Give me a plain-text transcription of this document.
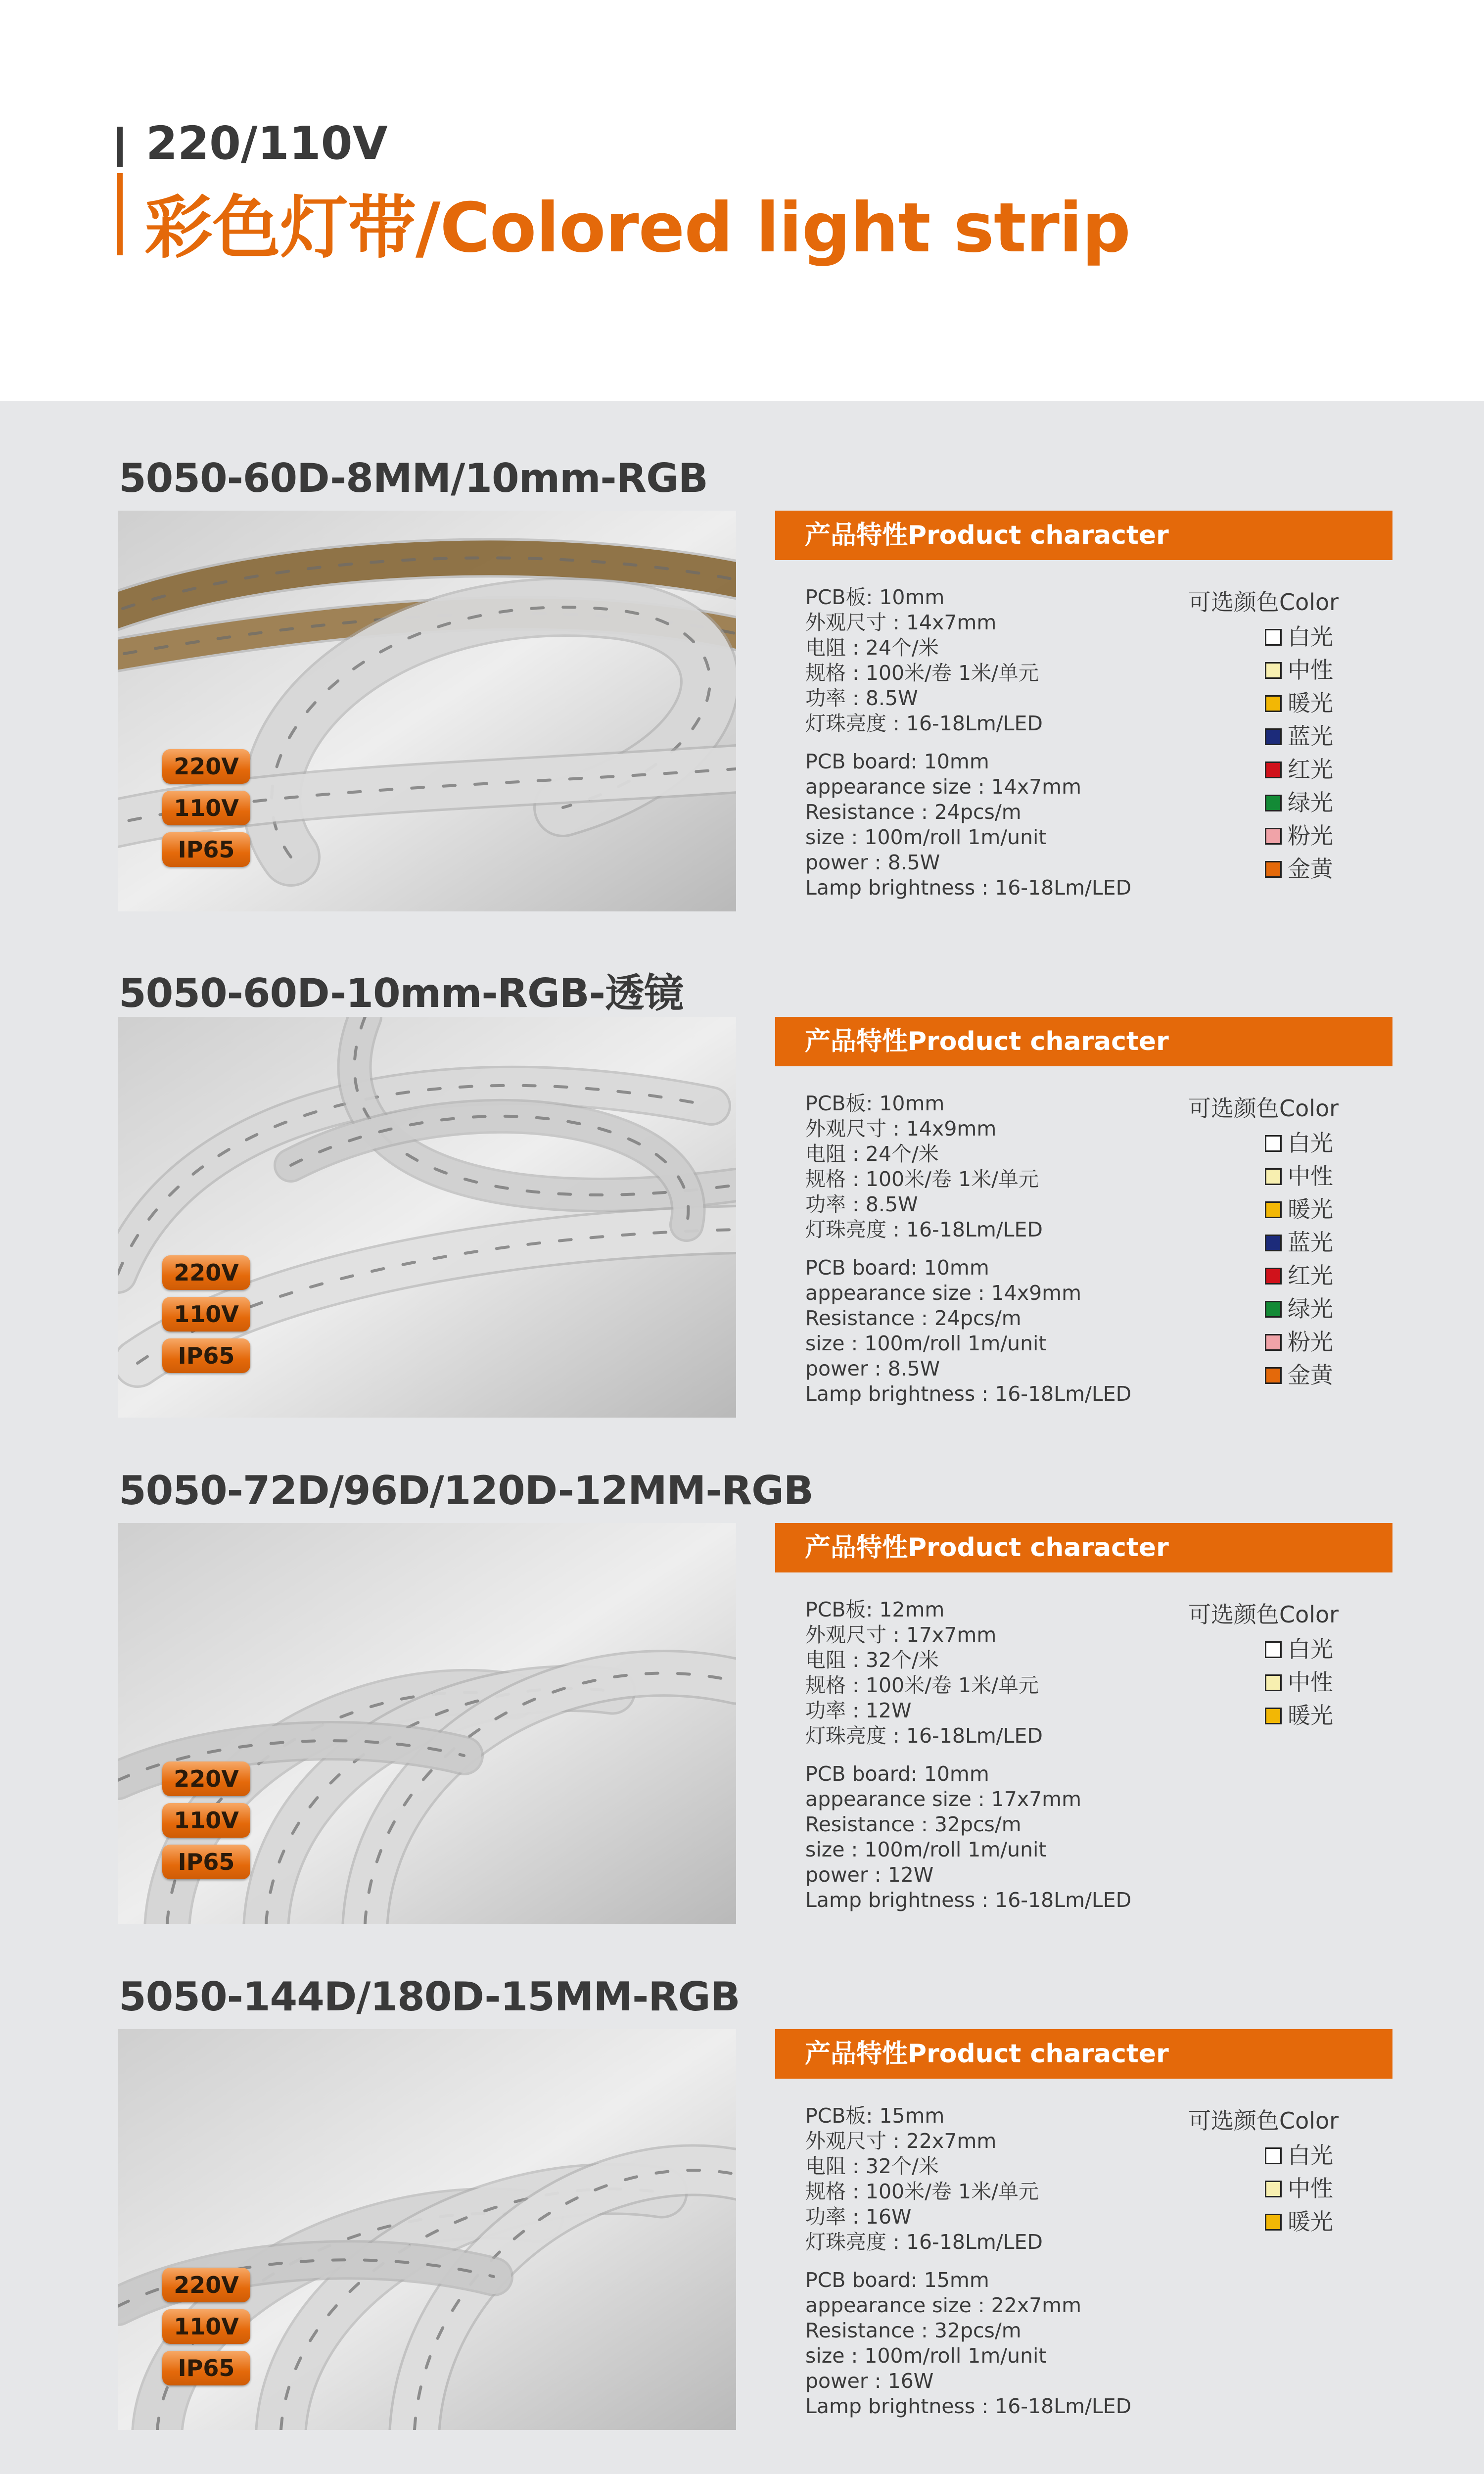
220/110V
彩色灯带/Colored light strip
5050-60D-8MM/10mm-RGB
220V
110V
IP65
产品特性Product character
PCB板: 10mm
外观尺寸 : 14x7mm
电阻 : 24个/米
规格 : 100米/卷 1米/单元
功率 : 8.5W
灯珠亮度 : 16-18Lm/LED
PCB board: 10mm
appearance size : 14x7mm
Resistance : 24pcs/m
size : 100m/roll 1m/unit
power : 8.5W
Lamp brightness : 16-18Lm/LED
可选颜色Color
白光
中性
暖光
蓝光
红光
绿光
粉光
金黄
5050-60D-10mm-RGB-透镜
220V
110V
IP65
产品特性Product character
PCB板: 10mm
外观尺寸 : 14x9mm
电阻 : 24个/米
规格 : 100米/卷 1米/单元
功率 : 8.5W
灯珠亮度 : 16-18Lm/LED
PCB board: 10mm
appearance size : 14x9mm
Resistance : 24pcs/m
size : 100m/roll 1m/unit
power : 8.5W
Lamp brightness : 16-18Lm/LED
可选颜色Color
白光
中性
暖光
蓝光
红光
绿光
粉光
金黄
5050-72D/96D/120D-12MM-RGB
220V
110V
IP65
产品特性Product character
PCB板: 12mm
外观尺寸 : 17x7mm
电阻 : 32个/米
规格 : 100米/卷 1米/单元
功率 : 12W
灯珠亮度 : 16-18Lm/LED
PCB board: 10mm
appearance size : 17x7mm
Resistance : 32pcs/m
size : 100m/roll 1m/unit
power : 12W
Lamp brightness : 16-18Lm/LED
可选颜色Color
白光
中性
暖光
5050-144D/180D-15MM-RGB
220V
110V
IP65
产品特性Product character
PCB板: 15mm
外观尺寸 : 22x7mm
电阻 : 32个/米
规格 : 100米/卷 1米/单元
功率 : 16W
灯珠亮度 : 16-18Lm/LED
PCB board: 15mm
appearance size : 22x7mm
Resistance : 32pcs/m
size : 100m/roll 1m/unit
power : 16W
Lamp brightness : 16-18Lm/LED
可选颜色Color
白光
中性
暖光
